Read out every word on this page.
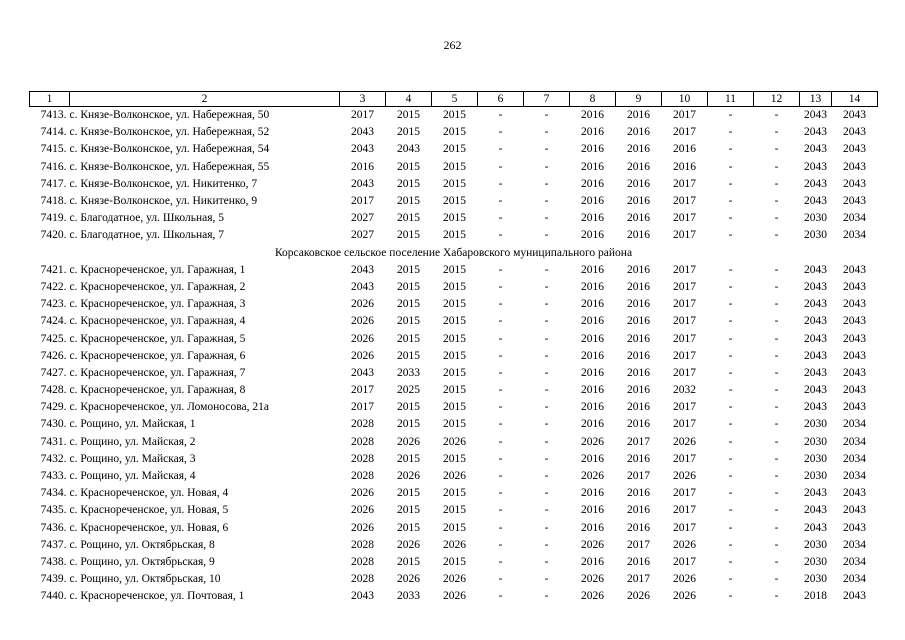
262
1	2	3	4	5	6	7	8	9	10	11	12	13	14
7413.	с. Князе-Волконское, ул. Набережная, 50	2017	2015	2015	-	-	2016	2016	2017	-	-	2043	2043
7414.	с. Князе-Волконское, ул. Набережная, 52	2043	2015	2015	-	-	2016	2016	2017	-	-	2043	2043
7415.	с. Князе-Волконское, ул. Набережная, 54	2043	2043	2015	-	-	2016	2016	2016	-	-	2043	2043
7416.	с. Князе-Волконское, ул. Набережная, 55	2016	2015	2015	-	-	2016	2016	2016	-	-	2043	2043
7417.	с. Князе-Волконское, ул. Никитенко, 7	2043	2015	2015	-	-	2016	2016	2017	-	-	2043	2043
7418.	с. Князе-Волконское, ул. Никитенко, 9	2017	2015	2015	-	-	2016	2016	2017	-	-	2043	2043
7419.	с. Благодатное, ул. Школьная, 5	2027	2015	2015	-	-	2016	2016	2017	-	-	2030	2034
7420.	с. Благодатное, ул. Школьная, 7	2027	2015	2015	-	-	2016	2016	2017	-	-	2030	2034
Корсаковское сельское поселение Хабаровского муниципального района													
7421.	с. Краснореченское, ул. Гаражная, 1	2043	2015	2015	-	-	2016	2016	2017	-	-	2043	2043
7422.	с. Краснореченское, ул. Гаражная, 2	2043	2015	2015	-	-	2016	2016	2017	-	-	2043	2043
7423.	с. Краснореченское, ул. Гаражная, 3	2026	2015	2015	-	-	2016	2016	2017	-	-	2043	2043
7424.	с. Краснореченское, ул. Гаражная, 4	2026	2015	2015	-	-	2016	2016	2017	-	-	2043	2043
7425.	с. Краснореченское, ул. Гаражная, 5	2026	2015	2015	-	-	2016	2016	2017	-	-	2043	2043
7426.	с. Краснореченское, ул. Гаражная, 6	2026	2015	2015	-	-	2016	2016	2017	-	-	2043	2043
7427.	с. Краснореченское, ул. Гаражная, 7	2043	2033	2015	-	-	2016	2016	2017	-	-	2043	2043
7428.	с. Краснореченское, ул. Гаражная, 8	2017	2025	2015	-	-	2016	2016	2032	-	-	2043	2043
7429.	с. Краснореченское, ул. Ломоносова, 21а	2017	2015	2015	-	-	2016	2016	2017	-	-	2043	2043
7430.	с. Рощино, ул. Майская, 1	2028	2015	2015	-	-	2016	2016	2017	-	-	2030	2034
7431.	с. Рощино, ул. Майская, 2	2028	2026	2026	-	-	2026	2017	2026	-	-	2030	2034
7432.	с. Рощино, ул. Майская, 3	2028	2015	2015	-	-	2016	2016	2017	-	-	2030	2034
7433.	с. Рощино, ул. Майская, 4	2028	2026	2026	-	-	2026	2017	2026	-	-	2030	2034
7434.	с. Краснореченское, ул. Новая, 4	2026	2015	2015	-	-	2016	2016	2017	-	-	2043	2043
7435.	с. Краснореченское, ул. Новая, 5	2026	2015	2015	-	-	2016	2016	2017	-	-	2043	2043
7436.	с. Краснореченское, ул. Новая, 6	2026	2015	2015	-	-	2016	2016	2017	-	-	2043	2043
7437.	с. Рощино, ул. Октябрьская, 8	2028	2026	2026	-	-	2026	2017	2026	-	-	2030	2034
7438.	с. Рощино, ул. Октябрьская, 9	2028	2015	2015	-	-	2016	2016	2017	-	-	2030	2034
7439.	с. Рощино, ул. Октябрьская, 10	2028	2026	2026	-	-	2026	2017	2026	-	-	2030	2034
7440.	с. Краснореченское, ул. Почтовая, 1	2043	2033	2026	-	-	2026	2026	2026	-	-	2018	2043
